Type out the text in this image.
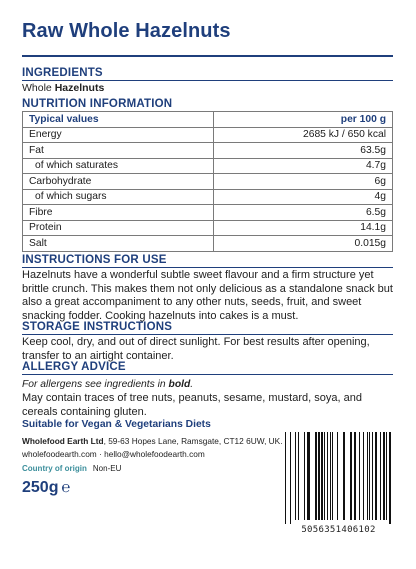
Raw Whole Hazelnuts
INGREDIENTS
Whole Hazelnuts
NUTRITION INFORMATION
Typical values	per 100 g
Energy	2685 kJ / 650 kcal
Fat	63.5g
of which saturates	4.7g
Carbohydrate	6g
of which sugars	4g
Fibre	6.5g
Protein	14.1g
Salt	0.015g
INSTRUCTIONS FOR USE
Hazelnuts have a wonderful subtle sweet flavour and a firm structure yet brittle crunch. This makes them not only delicious as a standalone snack but also a great accompaniment to any other nuts, seeds, fruit, and sweet snacking fodder. Cooking hazelnuts into cakes is a must.
STORAGE INSTRUCTIONS
Keep cool, dry, and out of direct sunlight. For best results after opening, transfer to an airtight container.
ALLERGY ADVICE
For allergens see ingredients in bold.
May contain traces of tree nuts, peanuts, sesame, mustard, soya, and cereals containing gluten.
Suitable for Vegan & Vegetarians Diets
Wholefood Earth Ltd, 59-63 Hopes Lane, Ramsgate, CT12 6UW, UK.
wholefoodearth.com · hello@wholefoodearth.com
Country of origin Non-EU
250g ℮
5056351406102
